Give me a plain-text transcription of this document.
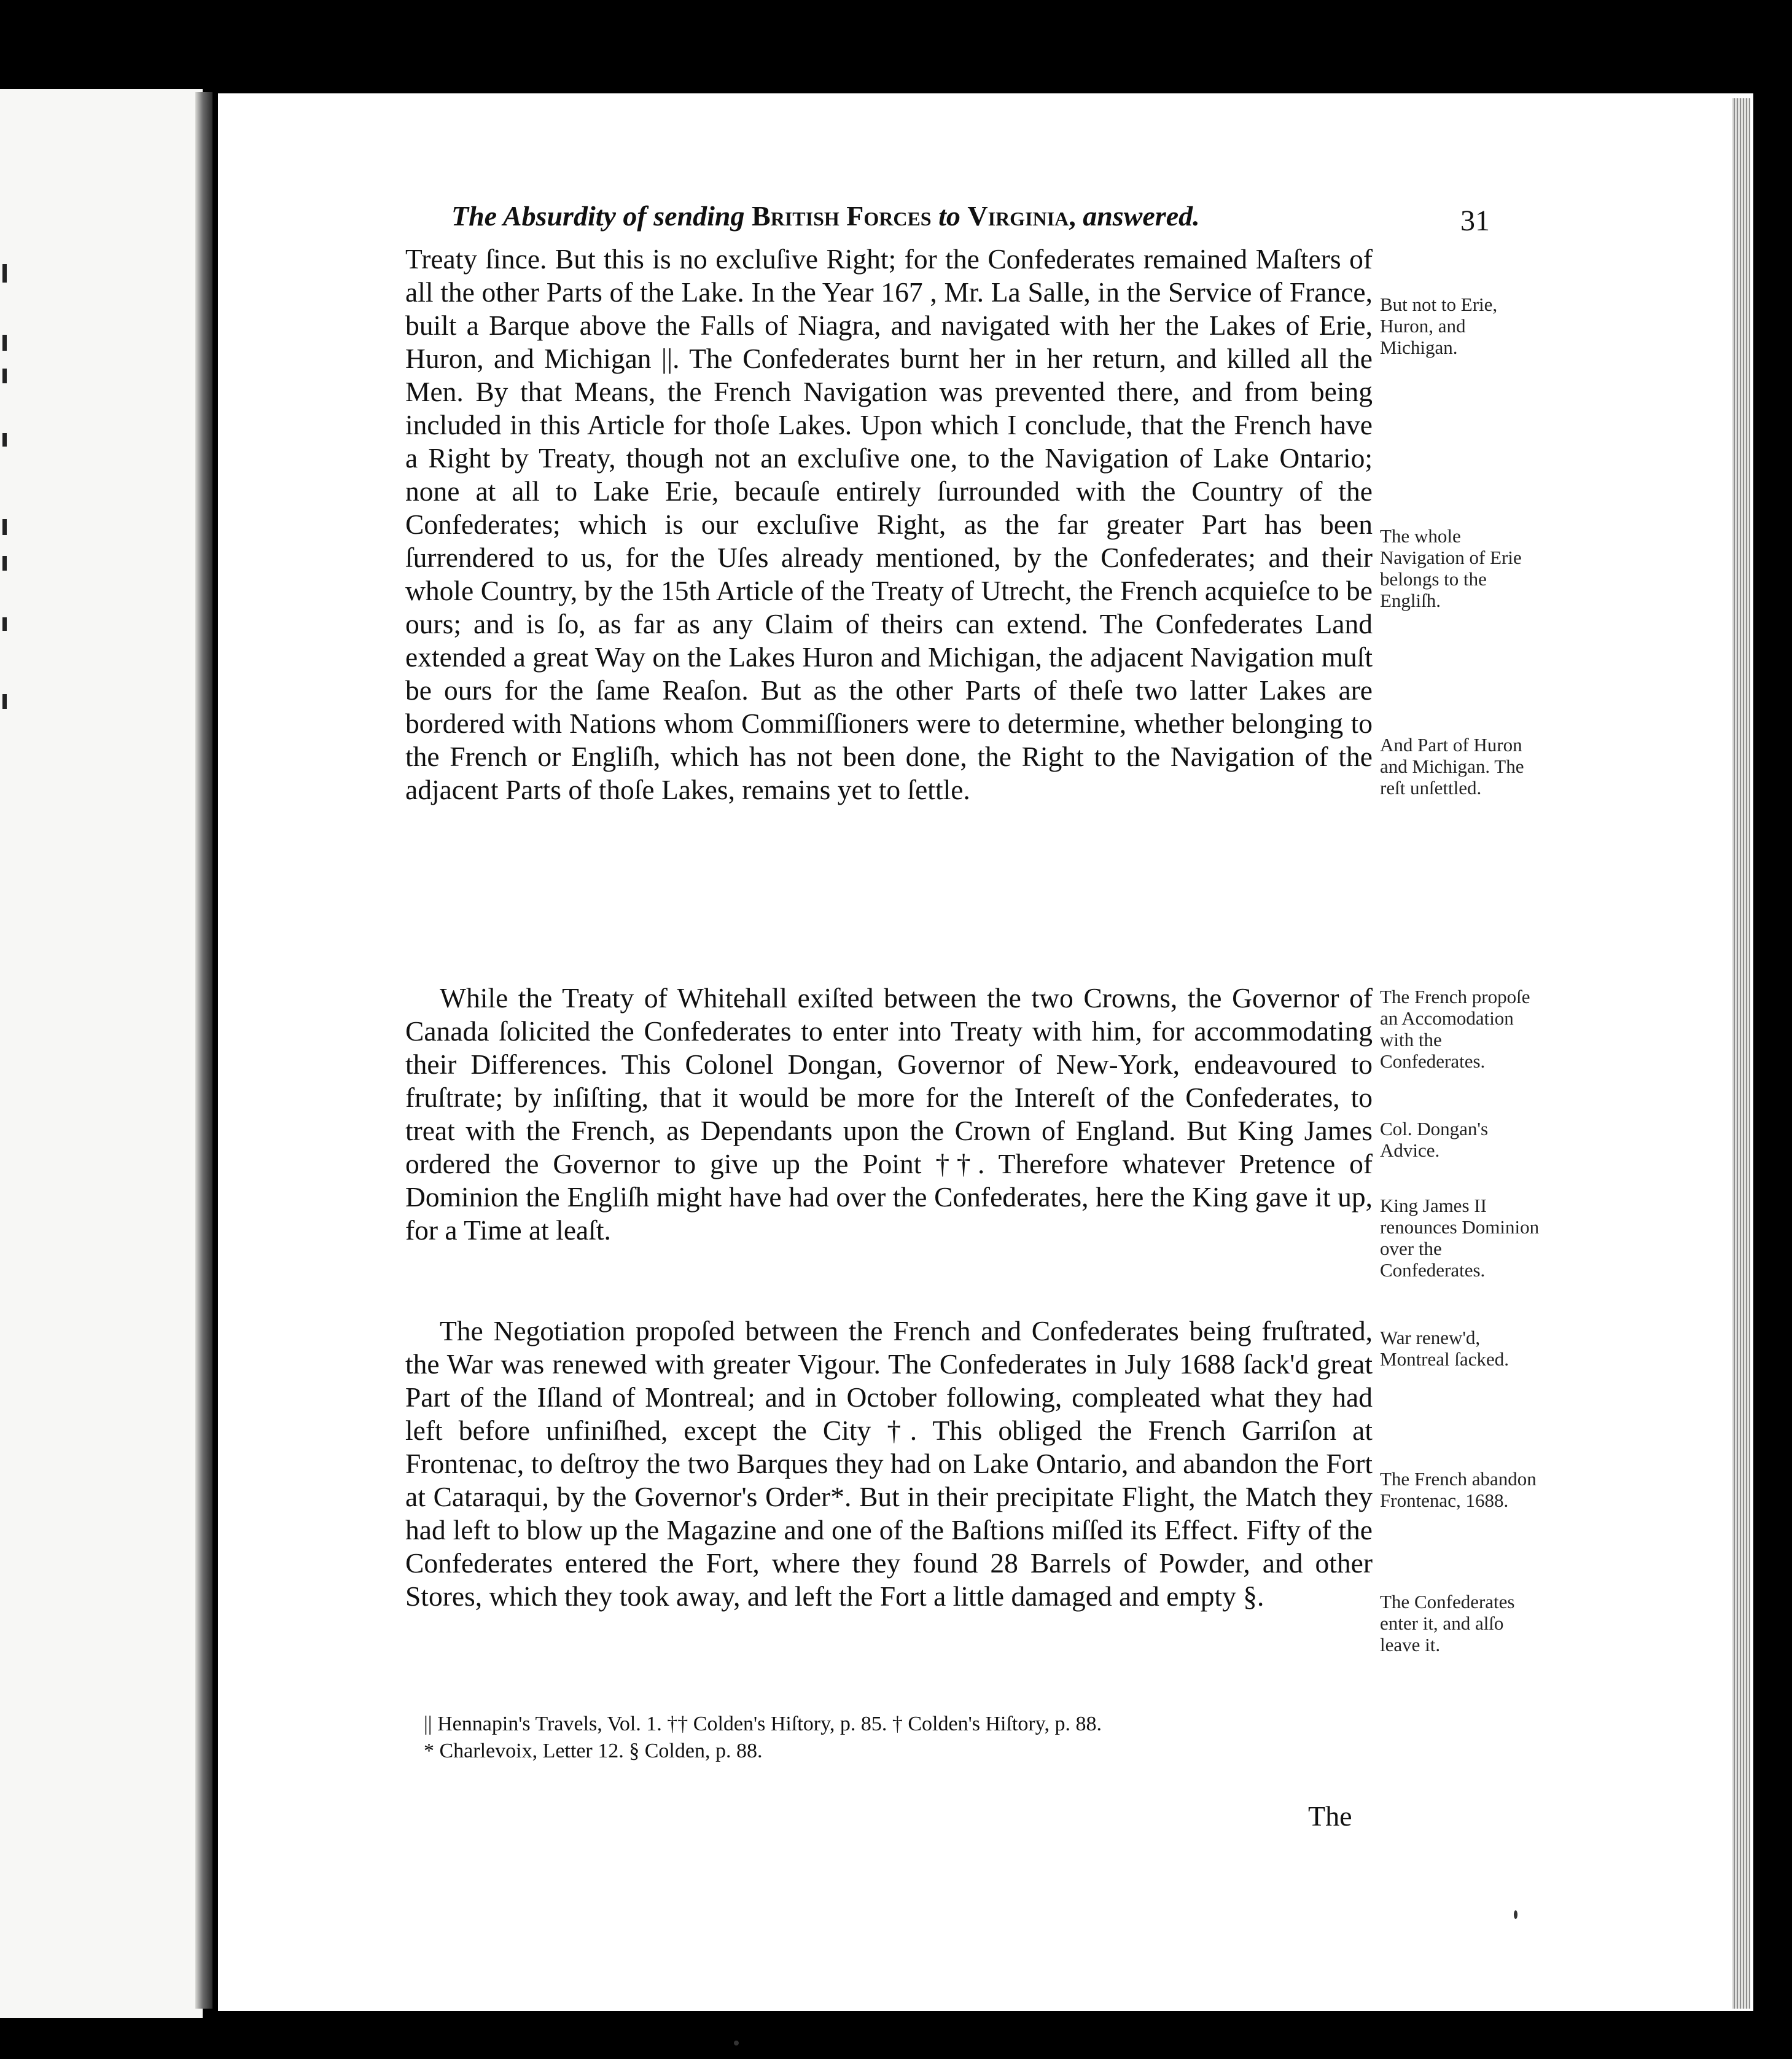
The Absurdity of sending British Forces to Virginia, answered.	31

Treaty ſince. But this is no excluſive Right; for the Confederates remained Maſters of all the other Parts of the Lake. In the Year 167 , Mr. La Salle, in the Service of France, built a Barque above the Falls of Niagra, and navigated with her the Lakes of Erie, Huron, and Michigan ||. The Confederates burnt her in her return, and killed all the Men. By that Means, the French Navigation was prevented there, and from being included in this Article for thoſe Lakes. Upon which I conclude, that the French have a Right by Treaty, though not an excluſive one, to the Navigation of Lake Ontario; none at all to Lake Erie, becauſe entirely ſurrounded with the Country of the Confederates; which is our excluſive Right, as the far greater Part has been ſurrendered to us, for the Uſes already mentioned, by the Confederates; and their whole Country, by the 15th Article of the Treaty of Utrecht, the French acquieſce to be ours; and is ſo, as far as any Claim of theirs can extend. The Confederates Land extended a great Way on the Lakes Huron and Michigan, the adjacent Navigation muſt be ours for the ſame Reaſon. But as the other Parts of theſe two latter Lakes are bordered with Nations whom Commiſſioners were to determine, whether belonging to the French or Engliſh, which has not been done, the Right to the Navigation of the adjacent Parts of thoſe Lakes, remains yet to ſettle.

While the Treaty of Whitehall exiſted between the two Crowns, the Governor of Canada ſolicited the Confederates to enter into Treaty with him, for accommodating their Differences. This Colonel Dongan, Governor of New-York, endeavoured to fruſtrate; by inſiſting, that it would be more for the Intereſt of the Confederates, to treat with the French, as Dependants upon the Crown of England. But King James ordered the Governor to give up the Point ††. Therefore whatever Pretence of Dominion the Engliſh might have had over the Confederates, here the King gave it up, for a Time at leaſt.

The Negotiation propoſed between the French and Confederates being fruſtrated, the War was renewed with greater Vigour. The Confederates in July 1688 ſack'd great Part of the Iſland of Montreal; and in October following, compleated what they had left before unfiniſhed, except the City †. This obliged the French Garriſon at Frontenac, to deſtroy the two Barques they had on Lake Ontario, and abandon the Fort at Cataraqui, by the Governor's Order*. But in their precipitate Flight, the Match they had left to blow up the Magazine and one of the Baſtions miſſed its Effect. Fifty of the Confederates entered the Fort, where they found 28 Barrels of Powder, and other Stores, which they took away, and left the Fort a little damaged and empty §.

But not to Erie, Huron, and Michigan.
The whole Navigation of Erie belongs to the Engliſh.
And Part of Huron and Michigan. The reſt unſettled.
The French propoſe an Accomodation with the Confederates.
Col. Dongan's Advice.
King James II renounces Dominion over the Confederates.
War renew'd, Montreal ſacked.
The French abandon Frontenac, 1688.
The Confederates enter it, and alſo leave it.
|| Hennapin's Travels, Vol. 1. †† Colden's Hiſtory, p. 85. † Colden's Hiſtory, p. 88.
* Charlevoix, Letter 12. § Colden, p. 88.
The
